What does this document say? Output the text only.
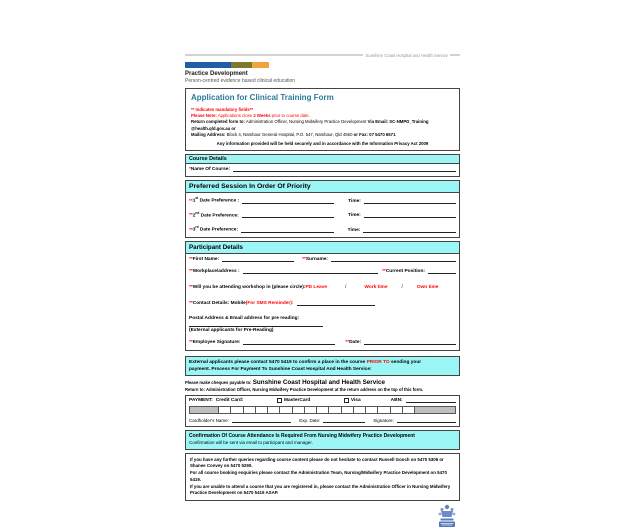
Sunshine Coast Hospital and Health Service
Practice Development
Person-centred evidence based clinical education
Application for Clinical Training Form
** Indicates mandatory fields**
Please Note: Applications close 2 Weeks prior to course date.
Return completed form to: Administration Officer, Nursing Midwifery Practice Development Via Email: SC-NMPD_Training @health.qld.gov.au or
Mailing Address: Block 4, Nambour General Hospital, P.O. 547, Nambour, Qld 4560 or Fax: 07 5470 6571
Any information provided will be held securely and in accordance with the Information Privacy Act 2009
Course Details
* Name Of Course:
Preferred Session In Order Of Priority
** 1st Date Preference :	Time:
** 2nd Date Preference:	Time:
** 3rd Date Preference:	Time:
Participant Details
** First Name:	** Surname:
** Workplace/address :	** Current Position:
** Will you be attending workshop in (please circle): PD Leave	/	Work time	/	Own time
** Contact Details: Mobile (For SMS Reminder):
Postal Address & Email address for pre reading:
(External applicants for Pre-Reading)
** Employee Signature:	** Date:
External applicants please contact 5470 5419 to confirm a place in the course PRIOR TO sending your
payment. Process For Payment To Sunshine Coast Hospital And Health Service:
Please make cheques payable to: Sunshine Coast Hospital and Health Service
Return to: Administration Officer, Nursing Midwifery Practice Development at the return address on the top of this form.
PAYMENT: Credit Card:	MasterCard	Visa	ABN:
Cardholder's Name:	Exp. Date:	Signature:
Confirmation Of Course Attendance Is Required From Nursing Midwifery Practice Development
Confirmation will be sent via email to participant and manager.

If you have any further queries regarding course content please do not hesitate to contact Russell Gooch on 5470 5306 or Shanee Convey on 5470 5290.

For all course booking enquiries please contact the Administration Team, Nursing/Midwifery Practice Development on 5470 5419.

If you are unable to attend a course that you are registered in, please contact the Administration Officer in Nursing Midwifery Practice Development on 5470 5419 ASAP.
